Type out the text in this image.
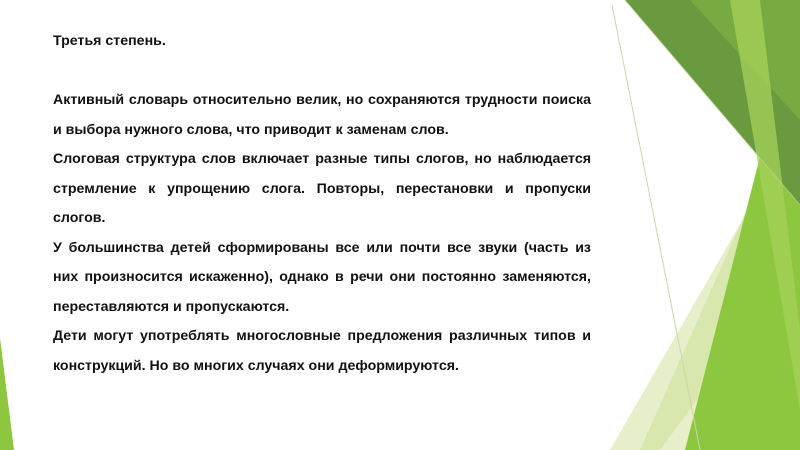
Третья степень.

Активный словарь относительно велик, но сохраняются трудности поиска и выбора нужного слова, что приводит к заменам слов.

Слоговая структура слов включает разные типы слогов, но наблюдается стремление к упрощению слога. Повторы, перестановки и пропуски слогов.

У большинства детей сформированы все или почти все звуки (часть из них произносится искаженно), однако в речи они постоянно заменяются, переставляются и пропускаются.

Дети могут употреблять многословные предложения различных типов и конструкций. Но во многих случаях они деформируются.
